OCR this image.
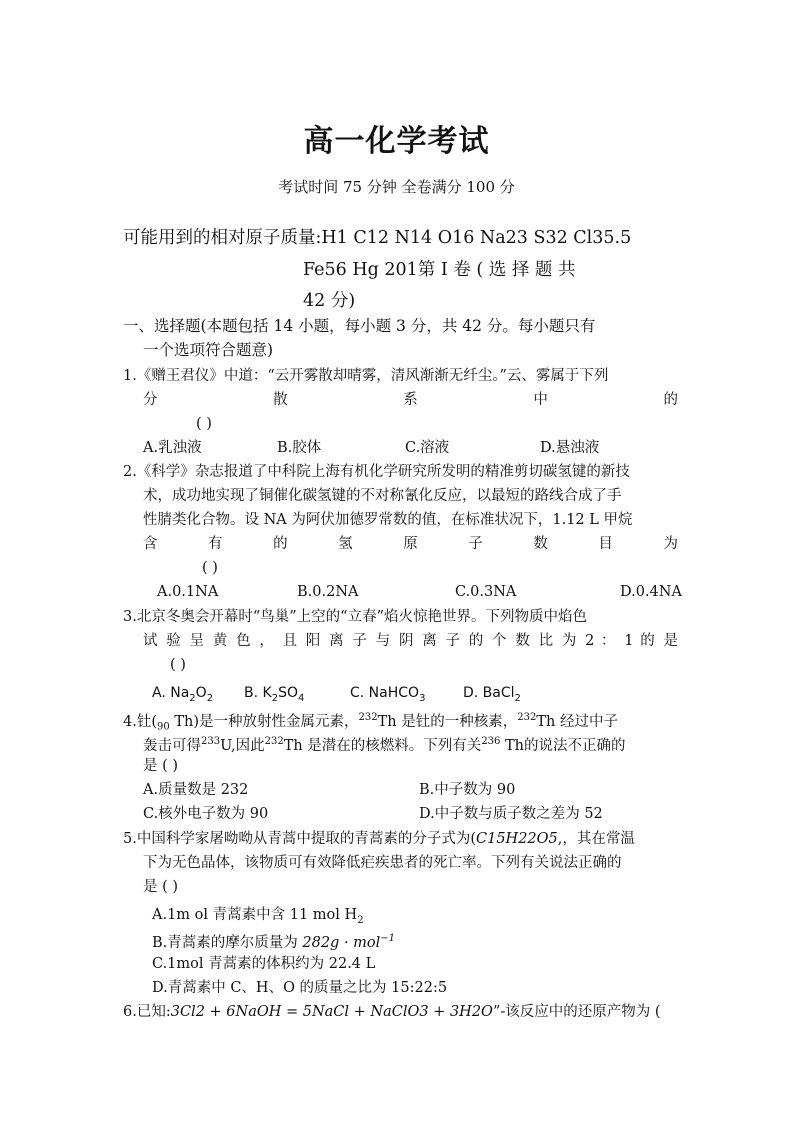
高一化学考试
考试时间 75 分钟 全卷满分 100 分
可能用到的相对原子质量:H1 C12 N14 O16 Na23 S32 Cl35.5
Fe56 Hg 201第 Ⅰ 卷 ( 选 择 题 共
42 分)
一、选择题(本题包括 14 小题，每小题 3 分，共 42 分。每小题只有
一个选项符合题意)
1.《赠王君仪》中道：“云开雾散却晴雾，清风渐渐无纤尘。”云、雾属于下列
分 散 系 中 的
( )
A.乳浊液	B.胶体	C.溶液	D.悬浊液
2.《科学》杂志报道了中科院上海有机化学研究所发明的精准剪切碳氢键的新技
术，成功地实现了铜催化碳氢键的不对称氰化反应，以最短的路线合成了手
性腈类化合物。设 NA 为阿伏加德罗常数的值，在标准状况下，1.12 L 甲烷
含 有 的 氢 原 子 数 目 为
( )
A.0.1NA	B.0.2NA	C.0.3NA	D.0.4NA
3.北京冬奥会开幕时“鸟巢”上空的“立春”焰火惊艳世界。下列物质中焰色
试 验 呈 黄 色 ， 且 阳 离 子 与 阴 离 子 的 个 数 比 为 2 ： 1 的 是
( )
A. $Na_2O_2$ B. $K_2SO_4$	C. NaHCO$_3$	D. BaCl$_2$
4.钍($_{90}$ Th)是一种放射性金属元素，$^{232}$Th 是钍的一种核素，$^{232}$Th 经过中子
轰击可得$^{233}$U,因此$^{232}$Th 是潜在的核燃料。下列有关$^{236}$ Th的说法不正确的
是 ( )
A.质量数是 232	B.中子数为 90
C.核外电子数为 90	D.中子数与质子数之差为 52
5.中国科学家屠呦呦从青蒿中提取的青蒿素的分子式为(C15H22O5,，其在常温
下为无色晶体，该物质可有效降低疟疾患者的死亡率。下列有关说法正确的
是 ( )
A.1m ol 青蒿素中含 11 mol $H_2$
B.青蒿素的摩尔质量为 282g · mol$^{-1}$
C.1mol 青蒿素的体积约为 22.4 L
D.青蒿素中 C、H、O 的质量之比为 15:22:5
6.已知:3Cl2 + 6NaOH = 5NaCl + NaClO3 + 3H2O”-该反应中的还原产物为 (
